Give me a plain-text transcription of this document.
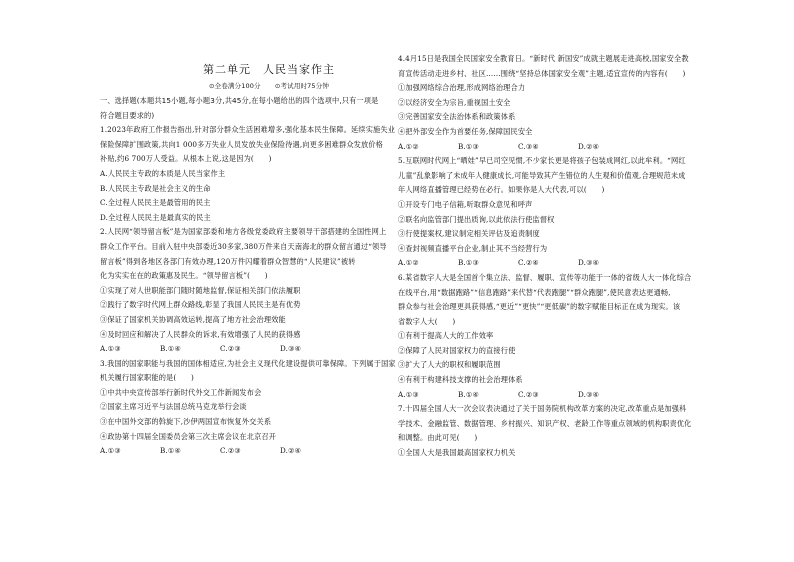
第二单元　人民当家作主
⊙全卷满分100分 ⊙考试用时75分钟

一、选择题(本题共15小题,每小题3分,共45分,在每小题给出的四个选项中,只有一项是

符合题目要求的)

1.2023年政府工作报告指出,针对部分群众生活困难增多,强化基本民生保障。延续实施失业

保险保障扩围政策,共向1 000多万失业人员发放失业保险待遇,向更多困难群众发放价格

补贴,约6 700万人受益。从根本上说,这是因为(　　)

A.人民民主专政的本质是人民当家作主

B.人民民主专政是社会主义的生命

C.全过程人民民主是最管用的民主

D.全过程人民民主是最真实的民主

2.人民网“领导留言板”是为国家部委和地方各级党委政府主要领导干部搭建的全国性网上

群众工作平台。目前入驻中央部委近30多家,380万件来自天南海北的群众留言通过“领导

留言板”得到各地区各部门有效办理,120万件闪耀着群众智慧的“人民建议”被转

化为实实在在的政策惠及民生。“领导留言板”(　　)

①实现了对人世职能部门随时随地监督,保证相关部门依法履职

②践行了数字时代网上群众路线,彰显了我国人民民主是有优势

③保证了国家机关协调高效运转,提高了地方社会治理效能

④及时回应和解决了人民群众的诉求,有效增强了人民的获得感

A.①③	B.①④	C.②③	D.③④

3.我国的国家职能与我国的国体相适应,为社会主义现代化建设提供可靠保障。下列属于国家

机关履行国家职能的是(　　)

①中共中央宣传部举行新时代外交工作新闻发布会

②国家主席习近平与法国总统马克龙举行会谈

③在中国外交部的斡旋下,沙伊两国宣布恢复外交关系

④政协第十四届全国委员会第三次主席会议在北京召开

A.①③	B.①④	C.②③	D.②④

4.4月15日是我国全民国家安全教育日。“新时代 新国安”成就主题展走进高校,国家安全教

育宣传活动走进乡村、社区……围绕“坚持总体国家安全观”主题,适宜宣传的内容有(　　)

①加强网络综合治理,形成网络治理合力

②以经济安全为宗旨,重视国土安全

③完善国家安全法治体系和政策体系

④把外部安全作为首要任务,保障国民安全

A.①②	B.①③	C.③④	D.②④

5.互联网时代网上“晒娃”早已司空见惯,不少家长更是将孩子包装成网红,以此牟利。“网红

儿童”乱象影响了未成年人健康成长,可能导致其产生错位的人生观和价值观,合理规范未成

年人网络直播管理已经势在必行。如果你是人大代表,可以(　　)

①开设专门电子信箱,听取群众意见和呼声

②联名向监管部门提出质询,以此依法行使监督权

③行使提案权,建议制定相关评估及追责制度

④查封视频直播平台企业,制止其不当经营行为

A.①②	B.①③	C.②④	D.③④

6.某省数字人大是全国首个集立法、监督、履职、宣传等功能于一体的省级人大一体化综合

在线平台,用“数据跑路”“信息跑路”来代替“代表跑腿”“群众跑腿”,使民意表达更通畅,

群众参与社会治理更具获得感,“更近”“更快”“更低碳”的数字赋能目标正在成为现实。该

省数字人大(　　)

①有利于提高人大的工作效率

②保障了人民对国家权力的直接行使

③扩大了人大的职权和履职范围

④有利于构建科技支撑的社会治理体系

A.①③	B.①④	C.②③	D.③④

7.十四届全国人大一次会议表决通过了关于国务院机构改革方案的决定,改革重点是加强科

学技术、金融监管、数据管理、乡村振兴、知识产权、老龄工作等重点领域的机构职责优化

和调整。由此可见(　　)

①全国人大是我国最高国家权力机关
